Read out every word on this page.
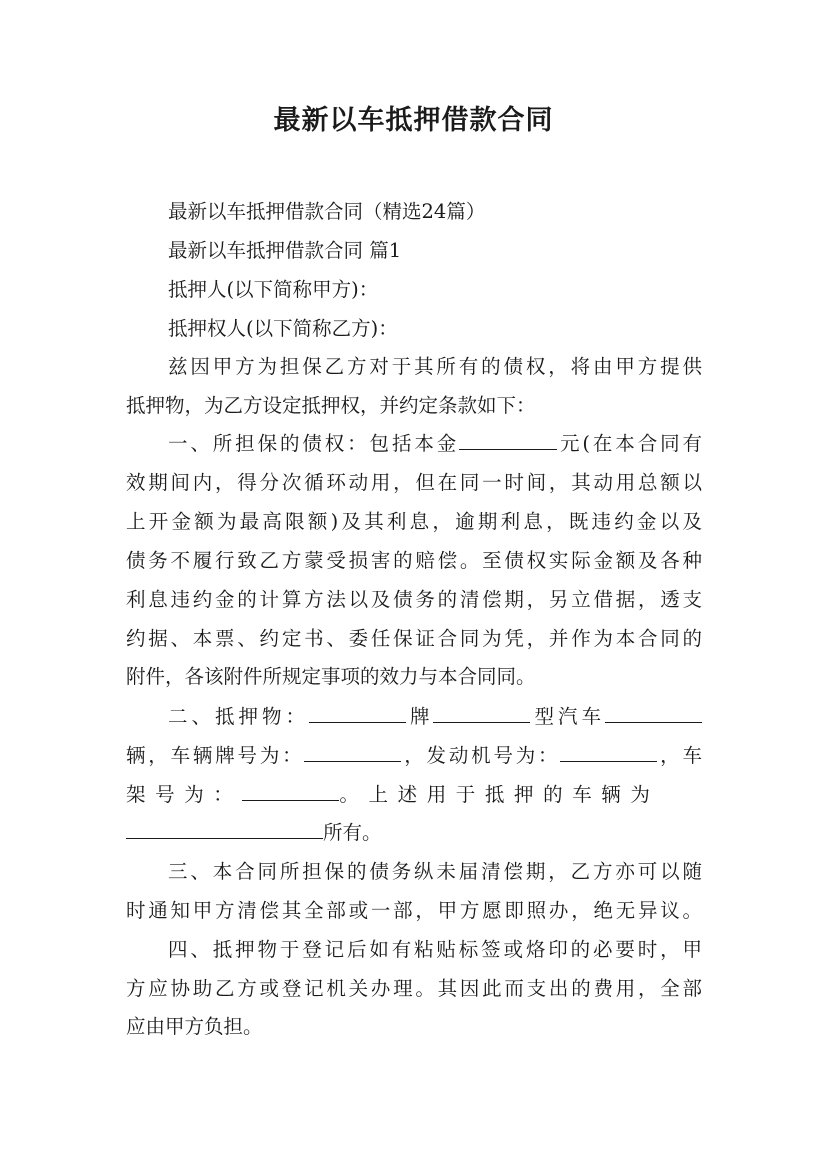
最新以车抵押借款合同
最新以车抵押借款合同（精选24篇）
最新以车抵押借款合同 篇1
抵押人(以下简称甲方)：
抵押权人(以下简称乙方)：
兹因甲方为担保乙方对于其所有的债权，将由甲方提供
抵押物，为乙方设定抵押权，并约定条款如下：
一、所担保的债权：包括本金	元(在本合同有
效期间内，得分次循环动用，但在同一时间，其动用总额以
上开金额为最高限额)及其利息，逾期利息，既违约金以及
债务不履行致乙方蒙受损害的赔偿。至债权实际金额及各种
利息违约金的计算方法以及债务的清偿期，另立借据，透支
约据、本票、约定书、委任保证合同为凭，并作为本合同的
附件，各该附件所规定事项的效力与本合同同。
二、抵押物：	牌	型汽车
辆，车辆牌号为：	，发动机号为：	，车
架号为：	。上述用于抵押的车辆为
所有。
三、本合同所担保的债务纵未届清偿期，乙方亦可以随
时通知甲方清偿其全部或一部，甲方愿即照办，绝无异议。
四、抵押物于登记后如有粘贴标签或烙印的必要时，甲
方应协助乙方或登记机关办理。其因此而支出的费用，全部
应由甲方负担。
